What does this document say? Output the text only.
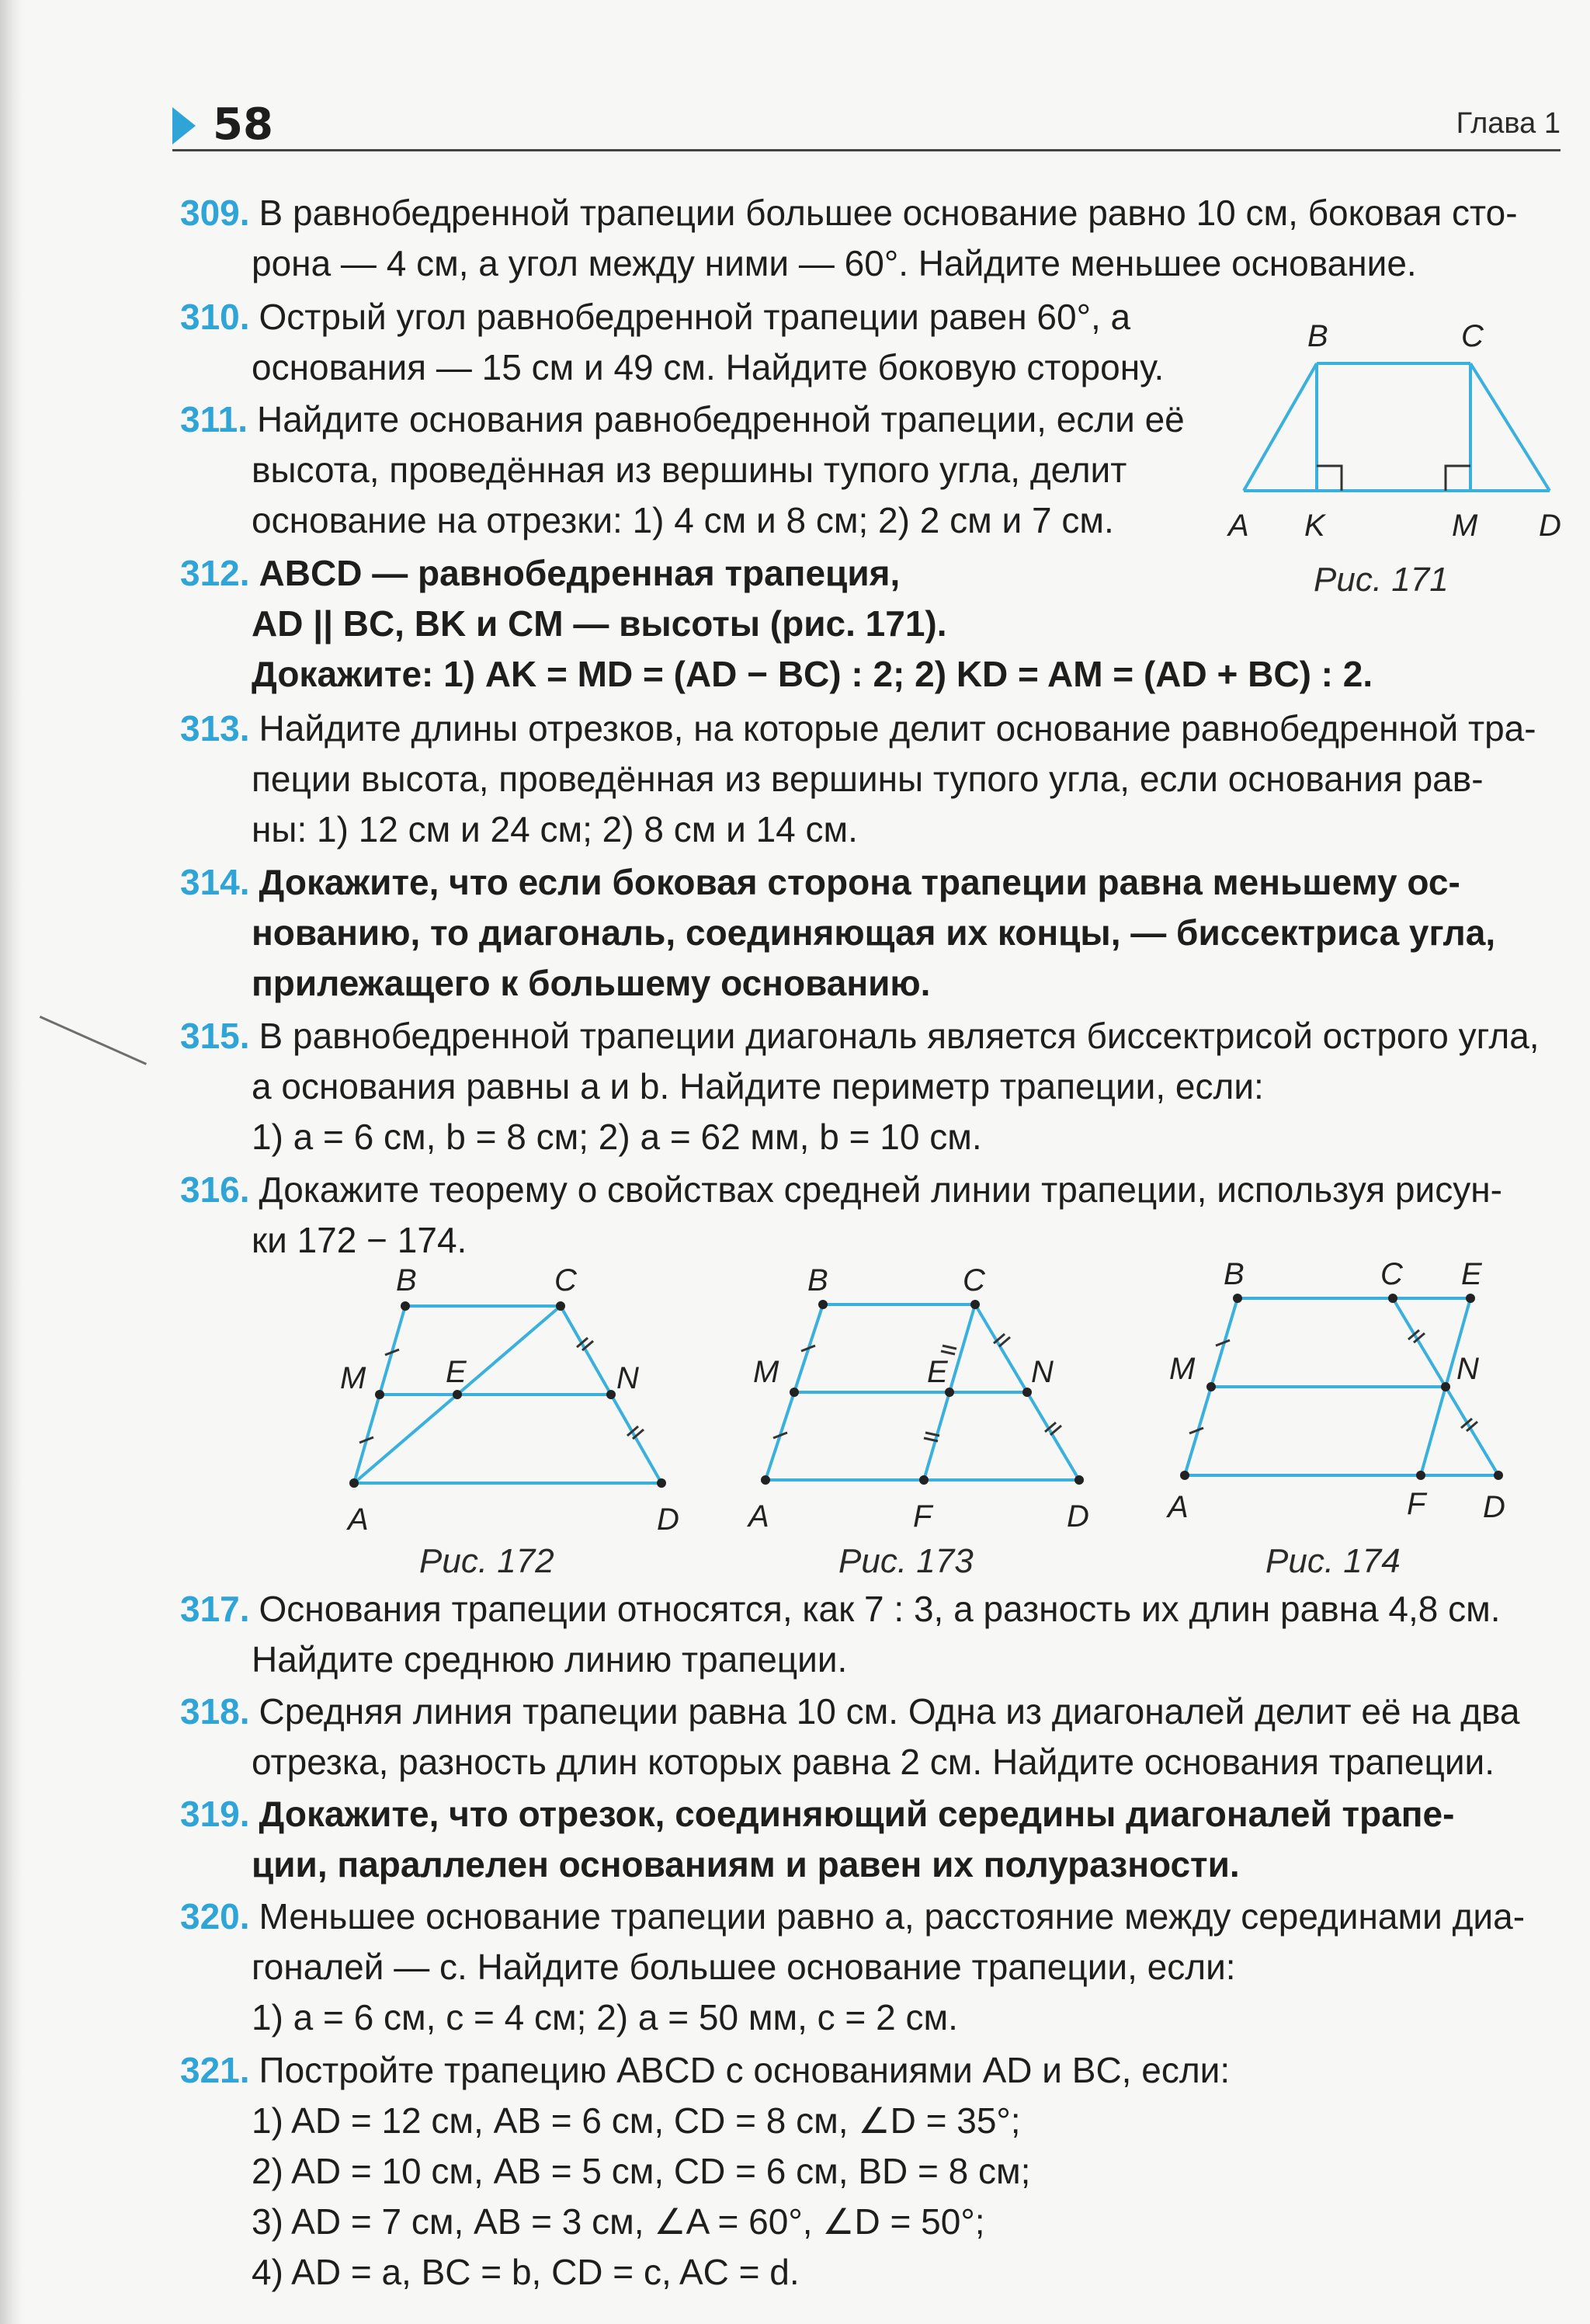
58	Глава 1
309. В равнобедренной трапеции большее основание равно 10 см, боковая сто-
рона — 4 см, а угол между ними — 60°. Найдите меньшее основание.
310. Острый угол равнобедренной трапеции равен 60°, а
основания — 15 см и 49 см. Найдите боковую сторону.
311. Найдите основания равнобедренной трапеции, если её
высота, проведённая из вершины тупого угла, делит
основание на отрезки: 1) 4 см и 8 см; 2) 2 см и 7 см.
B	C
A K	M D
Рис. 171
312. ABCD — равнобедренная трапеция,
AD || BC, BK и CM — высоты (рис. 171).
Докажите: 1) AK = MD = (AD − BC) : 2; 2) KD = AM = (AD + BC) : 2.
313. Найдите длины отрезков, на которые делит основание равнобедренной тра-
пеции высота, проведённая из вершины тупого угла, если основания рав-
ны: 1) 12 см и 24 см; 2) 8 см и 14 см.
314. Докажите, что если боковая сторона трапеции равна меньшему ос-
нованию, то диагональ, соединяющая их концы, — биссектриса угла,
прилежащего к большему основанию.
315. В равнобедренной трапеции диагональ является биссектрисой острого угла,
а основания равны a и b. Найдите периметр трапеции, если:
1) a = 6 см, b = 8 см; 2) a = 62 мм, b = 10 см.
316. Докажите теорему о свойствах средней линии трапеции, используя рисун-
ки 172 − 174.
A
B	C
D
M	N
E
Рис. 172
A
B	C
D
M	N
E
F
Рис. 173
A
B	C E
D
M	N
F
Рис. 174
317. Основания трапеции относятся, как 7 : 3, а разность их длин равна 4,8 см.
Найдите среднюю линию трапеции.
318. Средняя линия трапеции равна 10 см. Одна из диагоналей делит её на два
отрезка, разность длин которых равна 2 см. Найдите основания трапеции.
319. Докажите, что отрезок, соединяющий середины диагоналей трапе-
ции, параллелен основаниям и равен их полуразности.
320. Меньшее основание трапеции равно a, расстояние между серединами диа-
гоналей — c. Найдите большее основание трапеции, если:
1) a = 6 см, c = 4 см; 2) a = 50 мм, c = 2 см.
321. Постройте трапецию ABCD с основаниями AD и BC, если:
1) AD = 12 см, AB = 6 см, CD = 8 см, ∠D = 35°;
2) AD = 10 см, AB = 5 см, CD = 6 см, BD = 8 см;
3) AD = 7 см, AB = 3 см, ∠A = 60°, ∠D = 50°;
4) AD = a, BC = b, CD = c, AC = d.
